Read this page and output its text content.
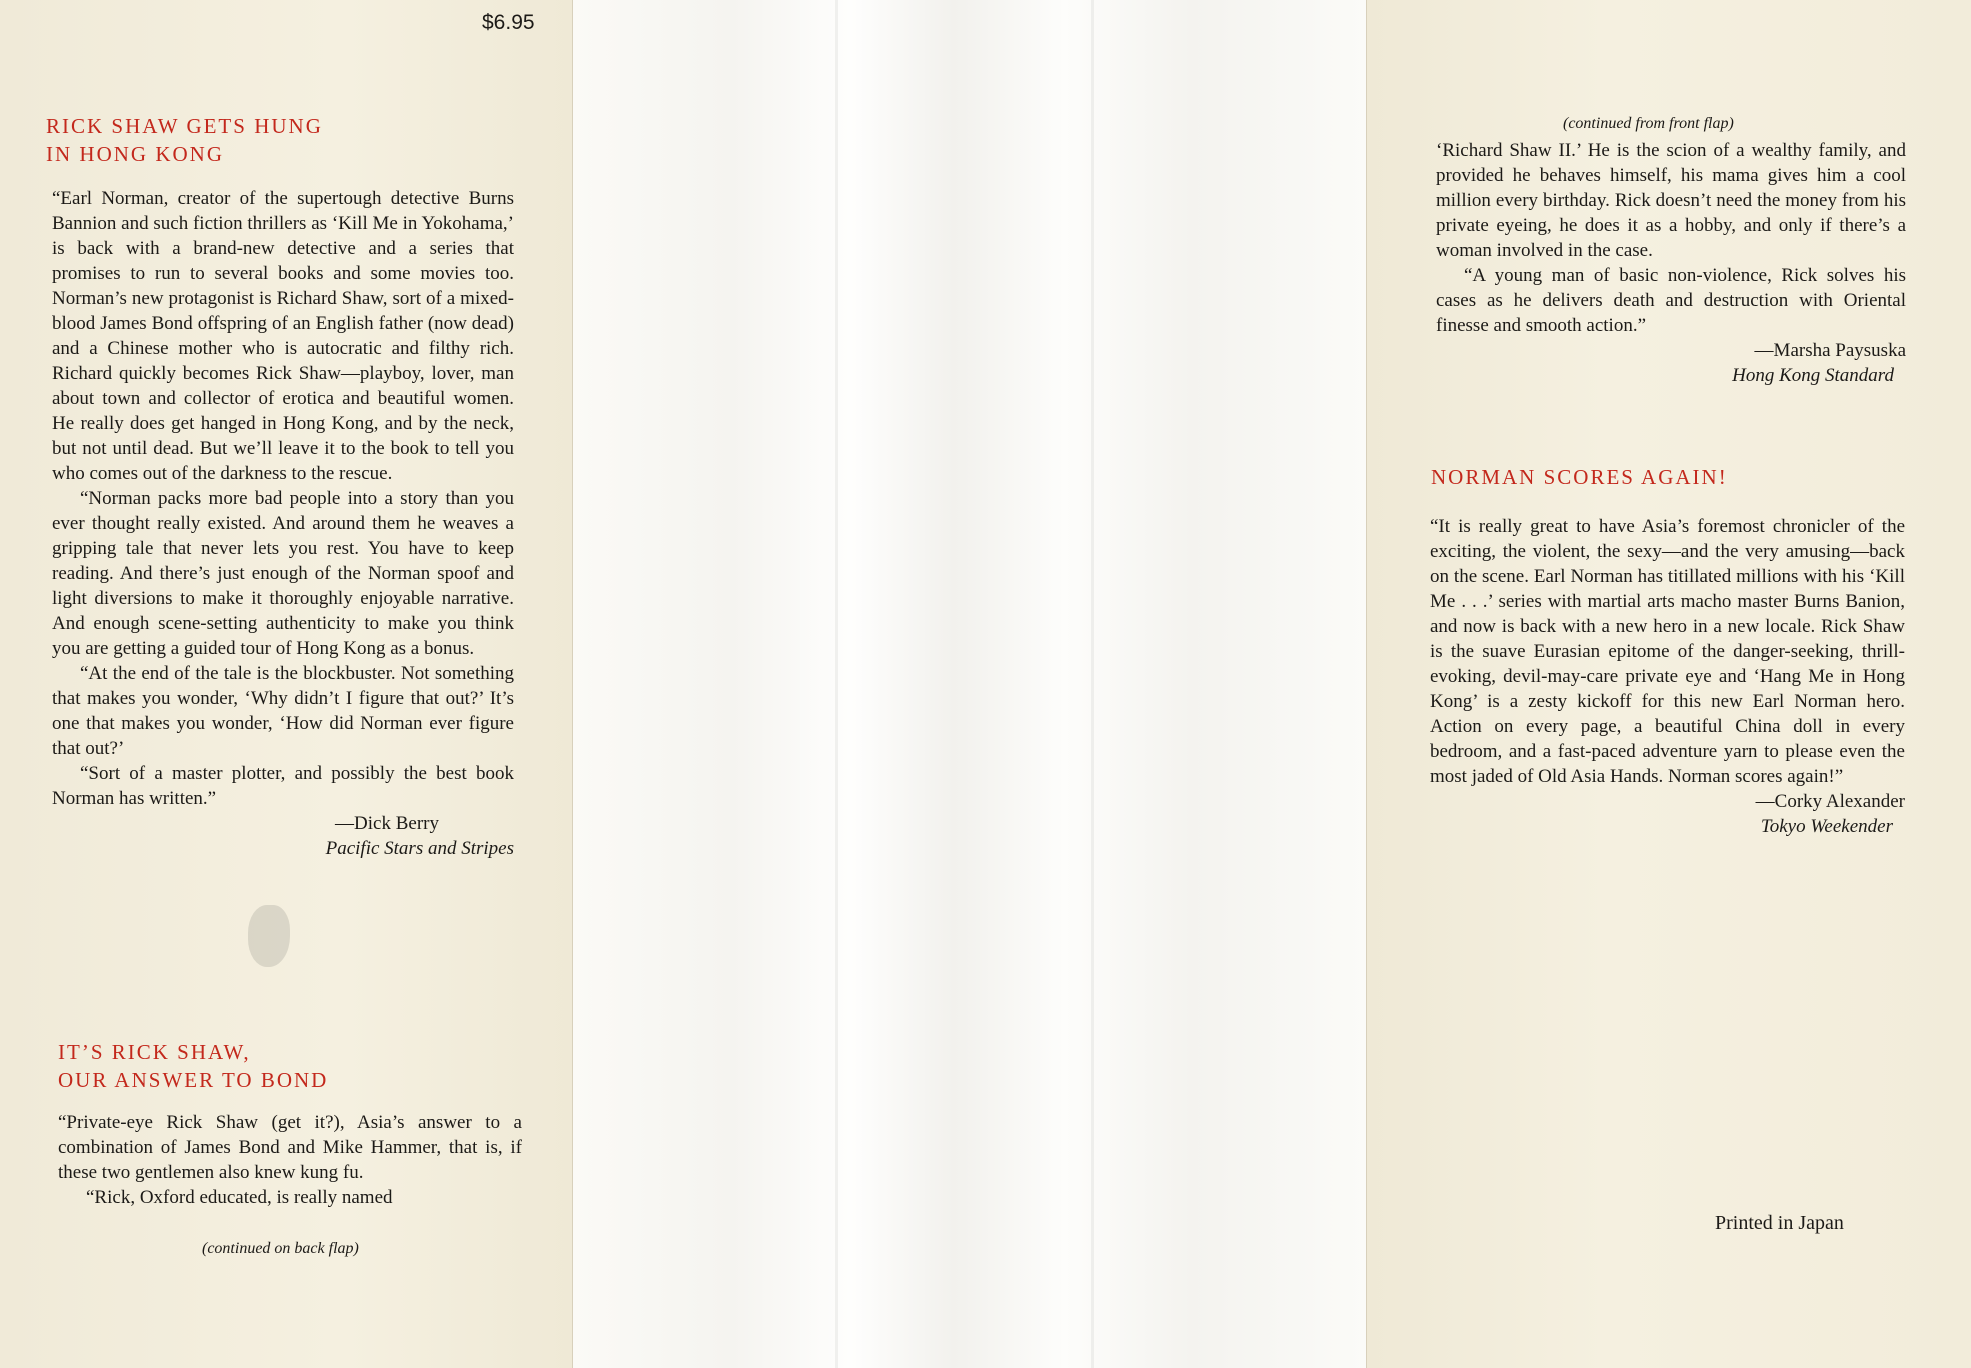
$6.95
RICK SHAW GETS HUNG
IN HONG KONG

“Earl Norman, creator of the supertough detective Burns Bannion and such fiction thrillers as ‘Kill Me in Yokohama,’ is back with a brand-new detective and a series that promises to run to several books and some movies too. Norman’s new protagonist is Richard Shaw, sort of a mixed-blood James Bond offspring of an English father (now dead) and a Chinese mother who is autocratic and filthy rich. Richard quickly becomes Rick Shaw—playboy, lover, man about town and collector of erotica and beautiful women. He really does get hanged in Hong Kong, and by the neck, but not until dead. But we’ll leave it to the book to tell you who comes out of the darkness to the rescue.

“Norman packs more bad people into a story than you ever thought really existed. And around them he weaves a gripping tale that never lets you rest. You have to keep reading. And there’s just enough of the Norman spoof and light diversions to make it thoroughly enjoyable narrative. And enough scene-setting authenticity to make you think you are getting a guided tour of Hong Kong as a bonus.

“At the end of the tale is the blockbuster. Not something that makes you wonder, ‘Why didn’t I figure that out?’ It’s one that makes you wonder, ‘How did Norman ever figure that out?’

“Sort of a master plotter, and possibly the best book Norman has written.”

—Dick Berry

Pacific Stars and Stripes

IT’S RICK SHAW,
OUR ANSWER TO BOND

“Private-eye Rick Shaw (get it?), Asia’s answer to a combination of James Bond and Mike Hammer, that is, if these two gentlemen also knew kung fu.

“Rick, Oxford educated, is really named

(continued on back flap)
(continued from front flap)

‘Richard Shaw II.’ He is the scion of a wealthy family, and provided he behaves himself, his mama gives him a cool million every birthday. Rick doesn’t need the money from his private eyeing, he does it as a hobby, and only if there’s a woman involved in the case.

“A young man of basic non-violence, Rick solves his cases as he delivers death and destruction with Oriental finesse and smooth action.”

—Marsha Paysuska

Hong Kong Standard

NORMAN SCORES AGAIN!

“It is really great to have Asia’s foremost chronicler of the exciting, the violent, the sexy—and the very amusing—back on the scene. Earl Norman has titillated millions with his ‘Kill Me . . .’ series with martial arts macho master Burns Banion, and now is back with a new hero in a new locale. Rick Shaw is the suave Eurasian epitome of the danger-seeking, thrill-evoking, devil-may-care private eye and ‘Hang Me in Hong Kong’ is a zesty kickoff for this new Earl Norman hero. Action on every page, a beautiful China doll in every bedroom, and a fast-paced adventure yarn to please even the most jaded of Old Asia Hands. Norman scores again!”

—Corky Alexander

Tokyo Weekender

Printed in Japan
